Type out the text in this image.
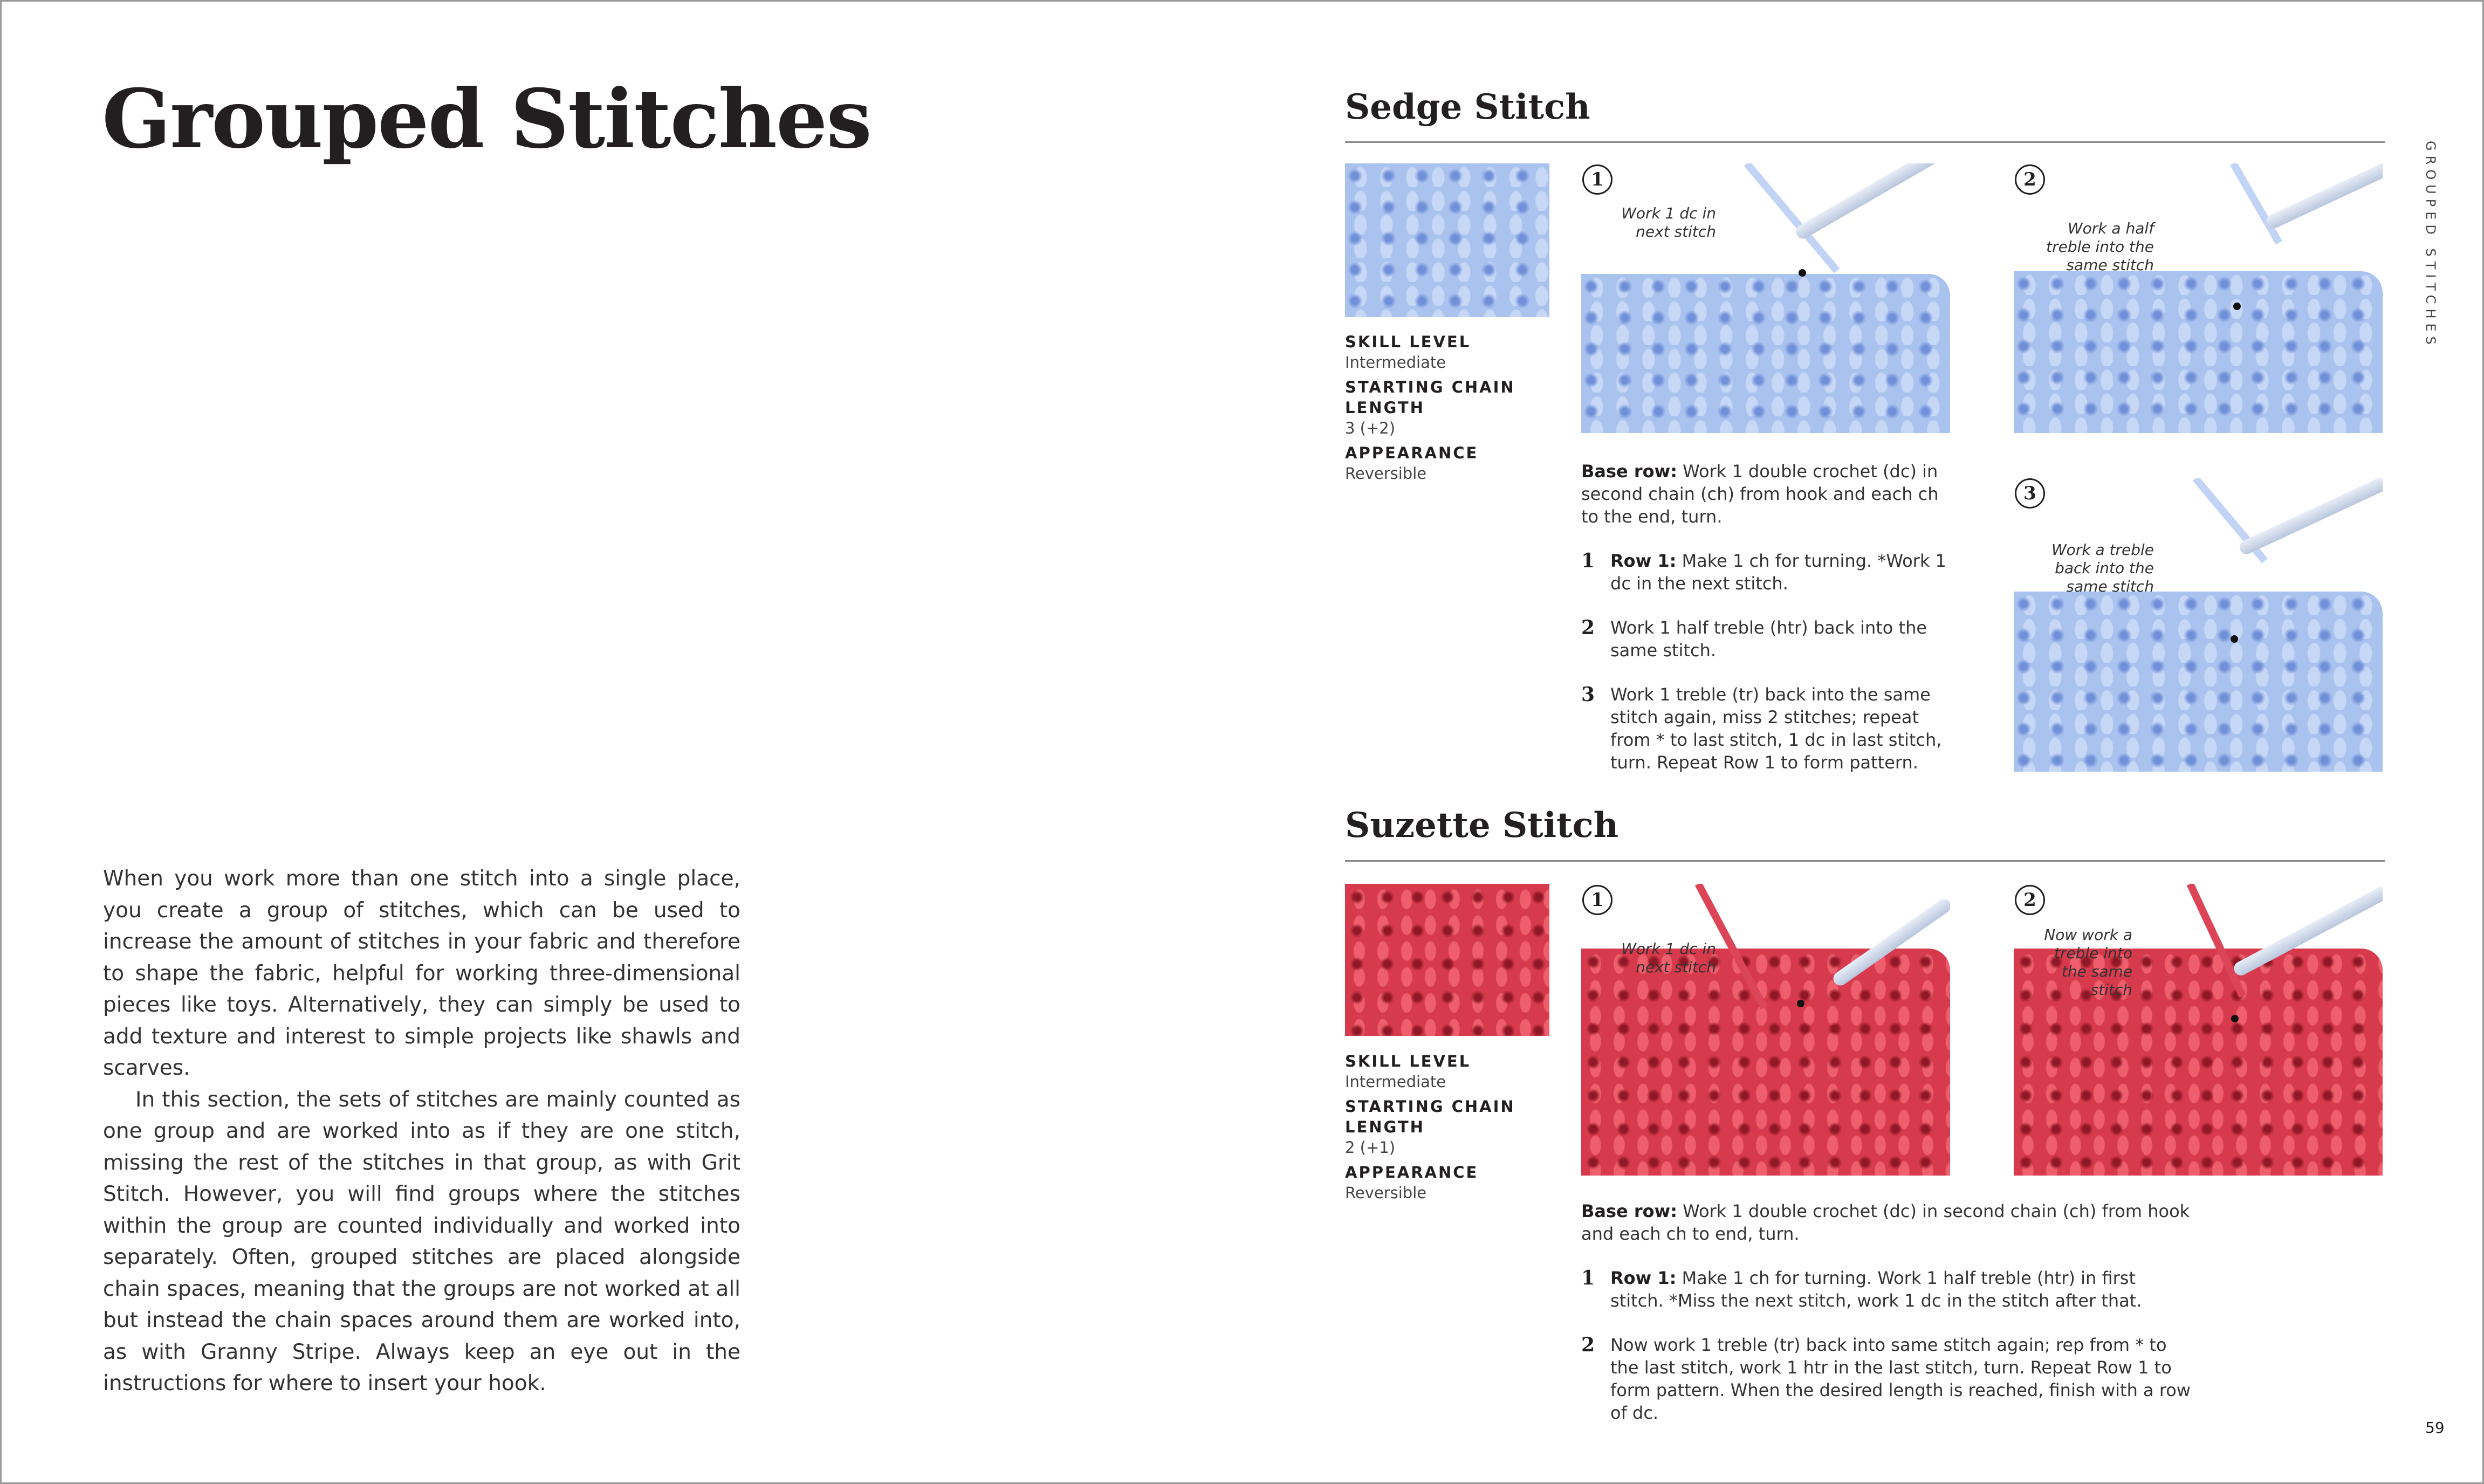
Grouped Stitches

When you work more than one stitch into a single place, you create a group of stitches, which can be used to increase the amount of stitches in your fabric and therefore to shape the fabric, helpful for working three-dimensional pieces like toys. Alternatively, they can simply be used to add texture and interest to simple projects like shawls and scarves.

In this section, the sets of stitches are mainly counted as one group and are worked into as if they are one stitch, missing the rest of the stitches in that group, as with Grit Stitch. However, you will find groups where the stitches within the group are counted individually and worked into separately. Often, grouped stitches are placed alongside chain spaces, meaning that the groups are not worked at all but instead the chain spaces around them are worked into, as with Granny Stripe. Always keep an eye out in the instructions for where to insert your hook.

Sedge Stitch
SKILL LEVEL
Intermediate
STARTING CHAIN LENGTH
3 (+2)
APPEARANCE
Reversible
1
Work 1 dc in next stitch
2
Work a half treble into the same stitch
3
Work a treble back into the same stitch

Base row: Work 1 double crochet (dc) in second chain (ch) from hook and each ch to the end, turn.

1 Row 1: Make 1 ch for turning. *Work 1 dc in the next stitch.
2 Work 1 half treble (htr) back into the same stitch.
3 Work 1 treble (tr) back into the same stitch again, miss 2 stitches; repeat from * to last stitch, 1 dc in last stitch, turn. Repeat Row 1 to form pattern.
Suzette Stitch
SKILL LEVEL
Intermediate
STARTING CHAIN LENGTH
2 (+1)
APPEARANCE
Reversible
1
Work 1 dc in next stitch
2
Now work a treble into the same stitch

Base row: Work 1 double crochet (dc) in second chain (ch) from hook and each ch to end, turn.

1 Row 1: Make 1 ch for turning. Work 1 half treble (htr) in first stitch. *Miss the next stitch, work 1 dc in the stitch after that.
2 Now work 1 treble (tr) back into same stitch again; rep from * to the last stitch, work 1 htr in the last stitch, turn. Repeat Row 1 to form pattern. When the desired length is reached, finish with a row of dc.
GROUPED STITCHES
59
